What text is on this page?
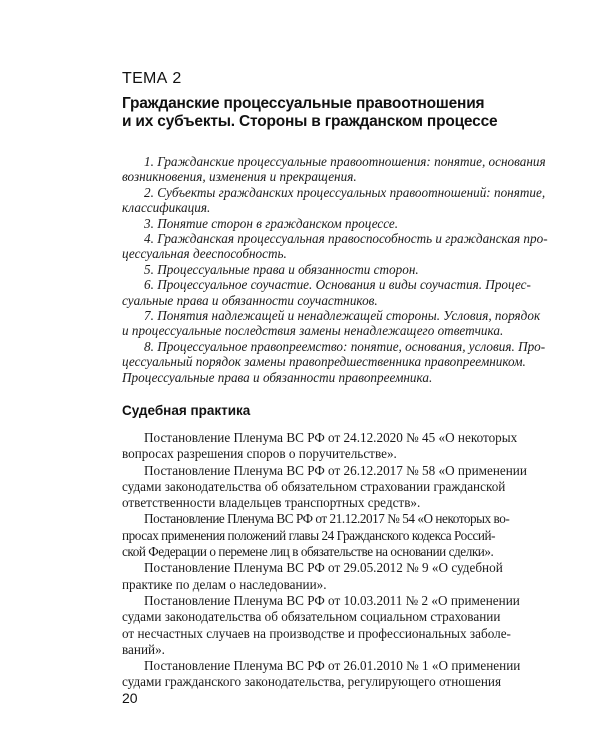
ТЕМА 2
Гражданские процессуальные правоотношения
и их субъекты. Стороны в гражданском процессе
1. Гражданские процессуальные правоотношения: понятие, основания
возникновения, изменения и прекращения.
2. Субъекты гражданских процессуальных правоотношений: понятие,
классификация.
3. Понятие сторон в гражданском процессе.
4. Гражданская процессуальная правоспособность и гражданская про-
цессуальная дееспособность.
5. Процессуальные права и обязанности сторон.
6. Процессуальное соучастие. Основания и виды соучастия. Процес-
суальные права и обязанности соучастников.
7. Понятия надлежащей и ненадлежащей стороны. Условия, порядок
и процессуальные последствия замены ненадлежащего ответчика.
8. Процессуальное правопреемство: понятие, основания, условия. Про-
цессуальный порядок замены правопредшественника правопреемником.
Процессуальные права и обязанности правопреемника.
Судебная практика
Постановление Пленума ВС РФ от 24.12.2020 № 45 «О некоторых
вопросах разрешения споров о поручительстве».
Постановление Пленума ВС РФ от 26.12.2017 № 58 «О применении
судами законодательства об обязательном страховании гражданской
ответственности владельцев транспортных средств».
Постановление Пленума ВС РФ от 21.12.2017 № 54 «О некоторых во-
просах применения положений главы 24 Гражданского кодекса Россий-
ской Федерации о перемене лиц в обязательстве на основании сделки».
Постановление Пленума ВС РФ от 29.05.2012 № 9 «О судебной
практике по делам о наследовании».
Постановление Пленума ВС РФ от 10.03.2011 № 2 «О применении
судами законодательства об обязательном социальном страховании
от несчастных случаев на производстве и профессиональных заболе-
ваний».
Постановление Пленума ВС РФ от 26.01.2010 № 1 «О применении
судами гражданского законодательства, регулирующего отношения
20
